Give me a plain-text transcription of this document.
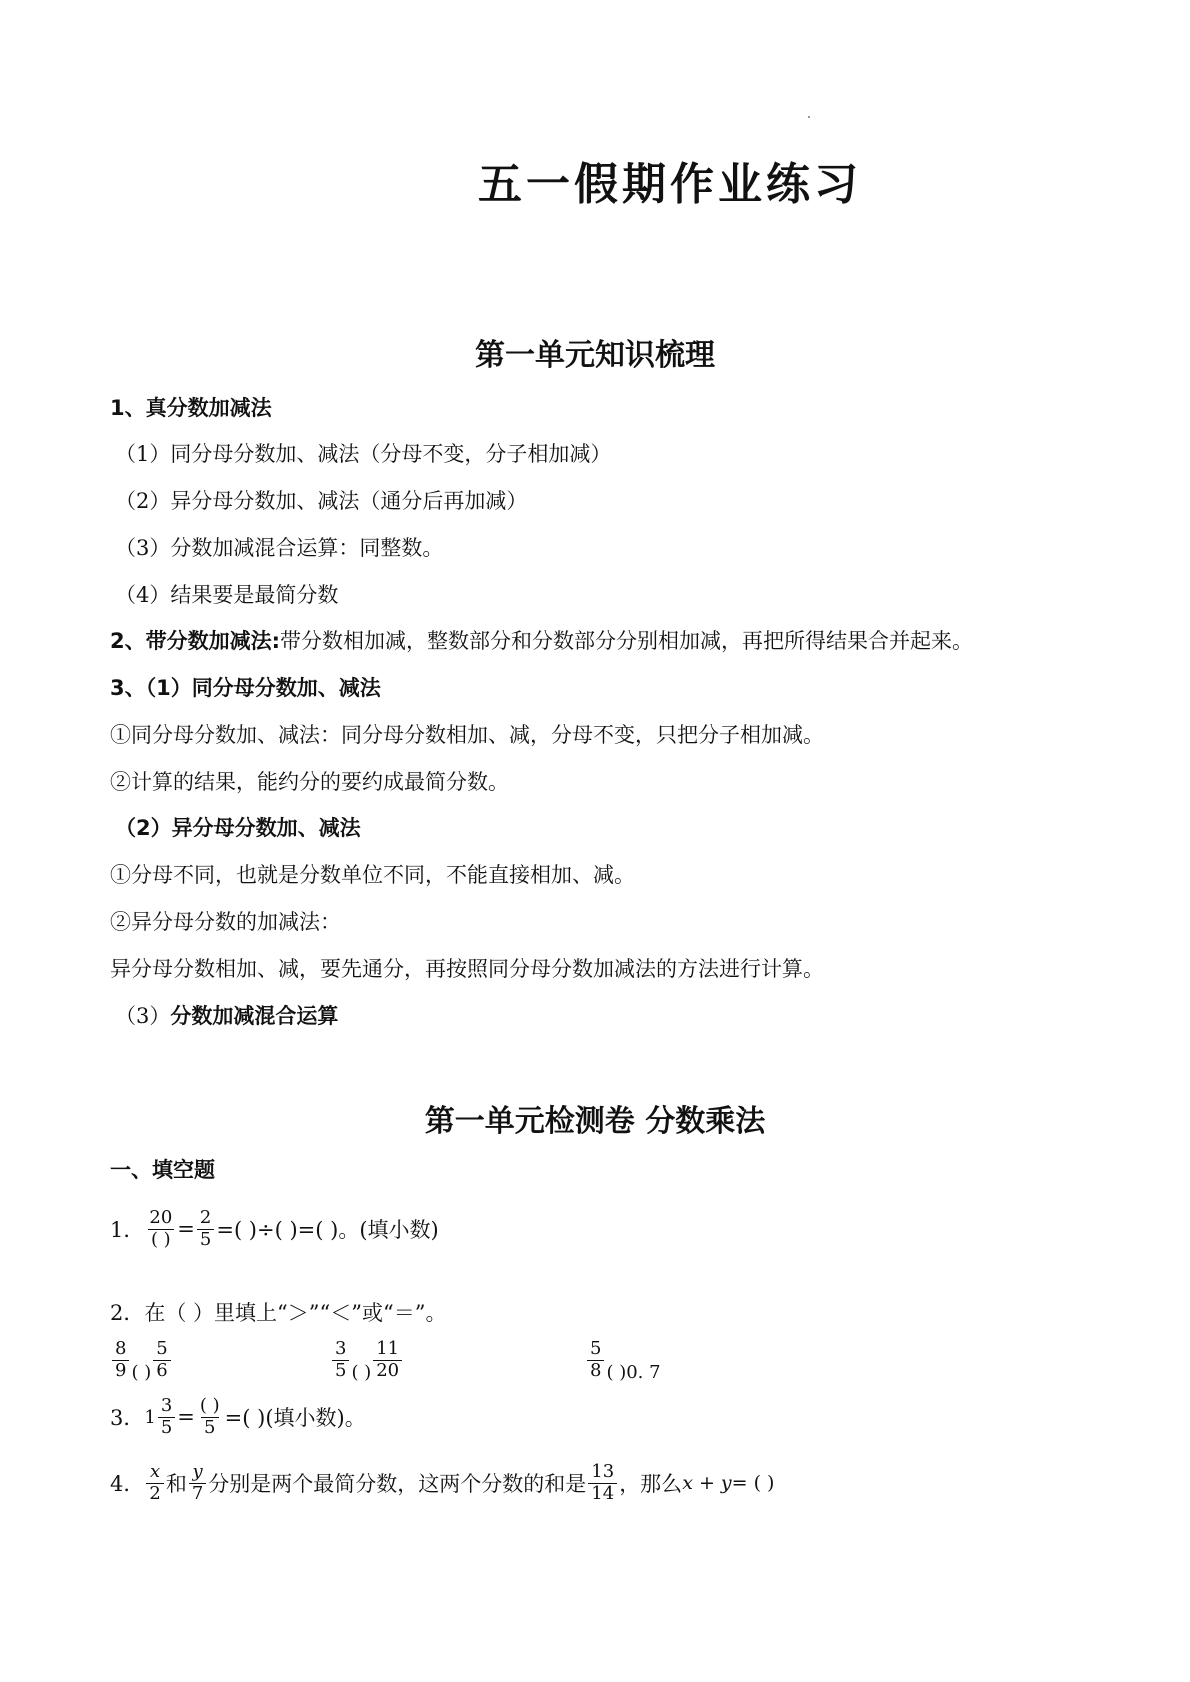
五一假期作业练习
第一单元知识梳理
1、真分数加减法
（1）同分母分数加、减法（分母不变，分子相加减）
（2）异分母分数加、减法（通分后再加减）
（3）分数加减混合运算：同整数。
（4）结果要是最简分数
2、带分数加减法:带分数相加减，整数部分和分数部分分别相加减，再把所得结果合并起来。
3、（1）同分母分数加、减法
①同分母分数加、减法：同分母分数相加、减，分母不变，只把分子相加减。
②计算的结果，能约分的要约成最简分数。
（2）异分母分数加、减法
①分母不同，也就是分数单位不同，不能直接相加、减。
②异分母分数的加减法：
异分母分数相加、减，要先通分，再按照同分母分数加减法的方法进行计算。
（3）分数加减混合运算
第一单元检测卷 分数乘法
一、填空题
1． $\frac{20}{( )} = \frac{2}{5}$ =( )÷( )=( )。(填小数)
2．在（ ）里填上“＞”“＜”或“＝”。
$\frac{8}{9}$ ( ) $\frac{5}{6}$	$\frac{3}{5}$ ( ) $\frac{11}{20}$	$\frac{5}{8}$ ( ) 0. 7
3． $1 \frac{3}{5} = \frac{( )}{5}$ =( )(填小数)。
4． $\frac{x}{2}$ 和 $\frac{y}{7}$ 分别是两个最简分数，这两个分数的和是 $\frac{13}{14}$ ，那么 x + y = ( )
